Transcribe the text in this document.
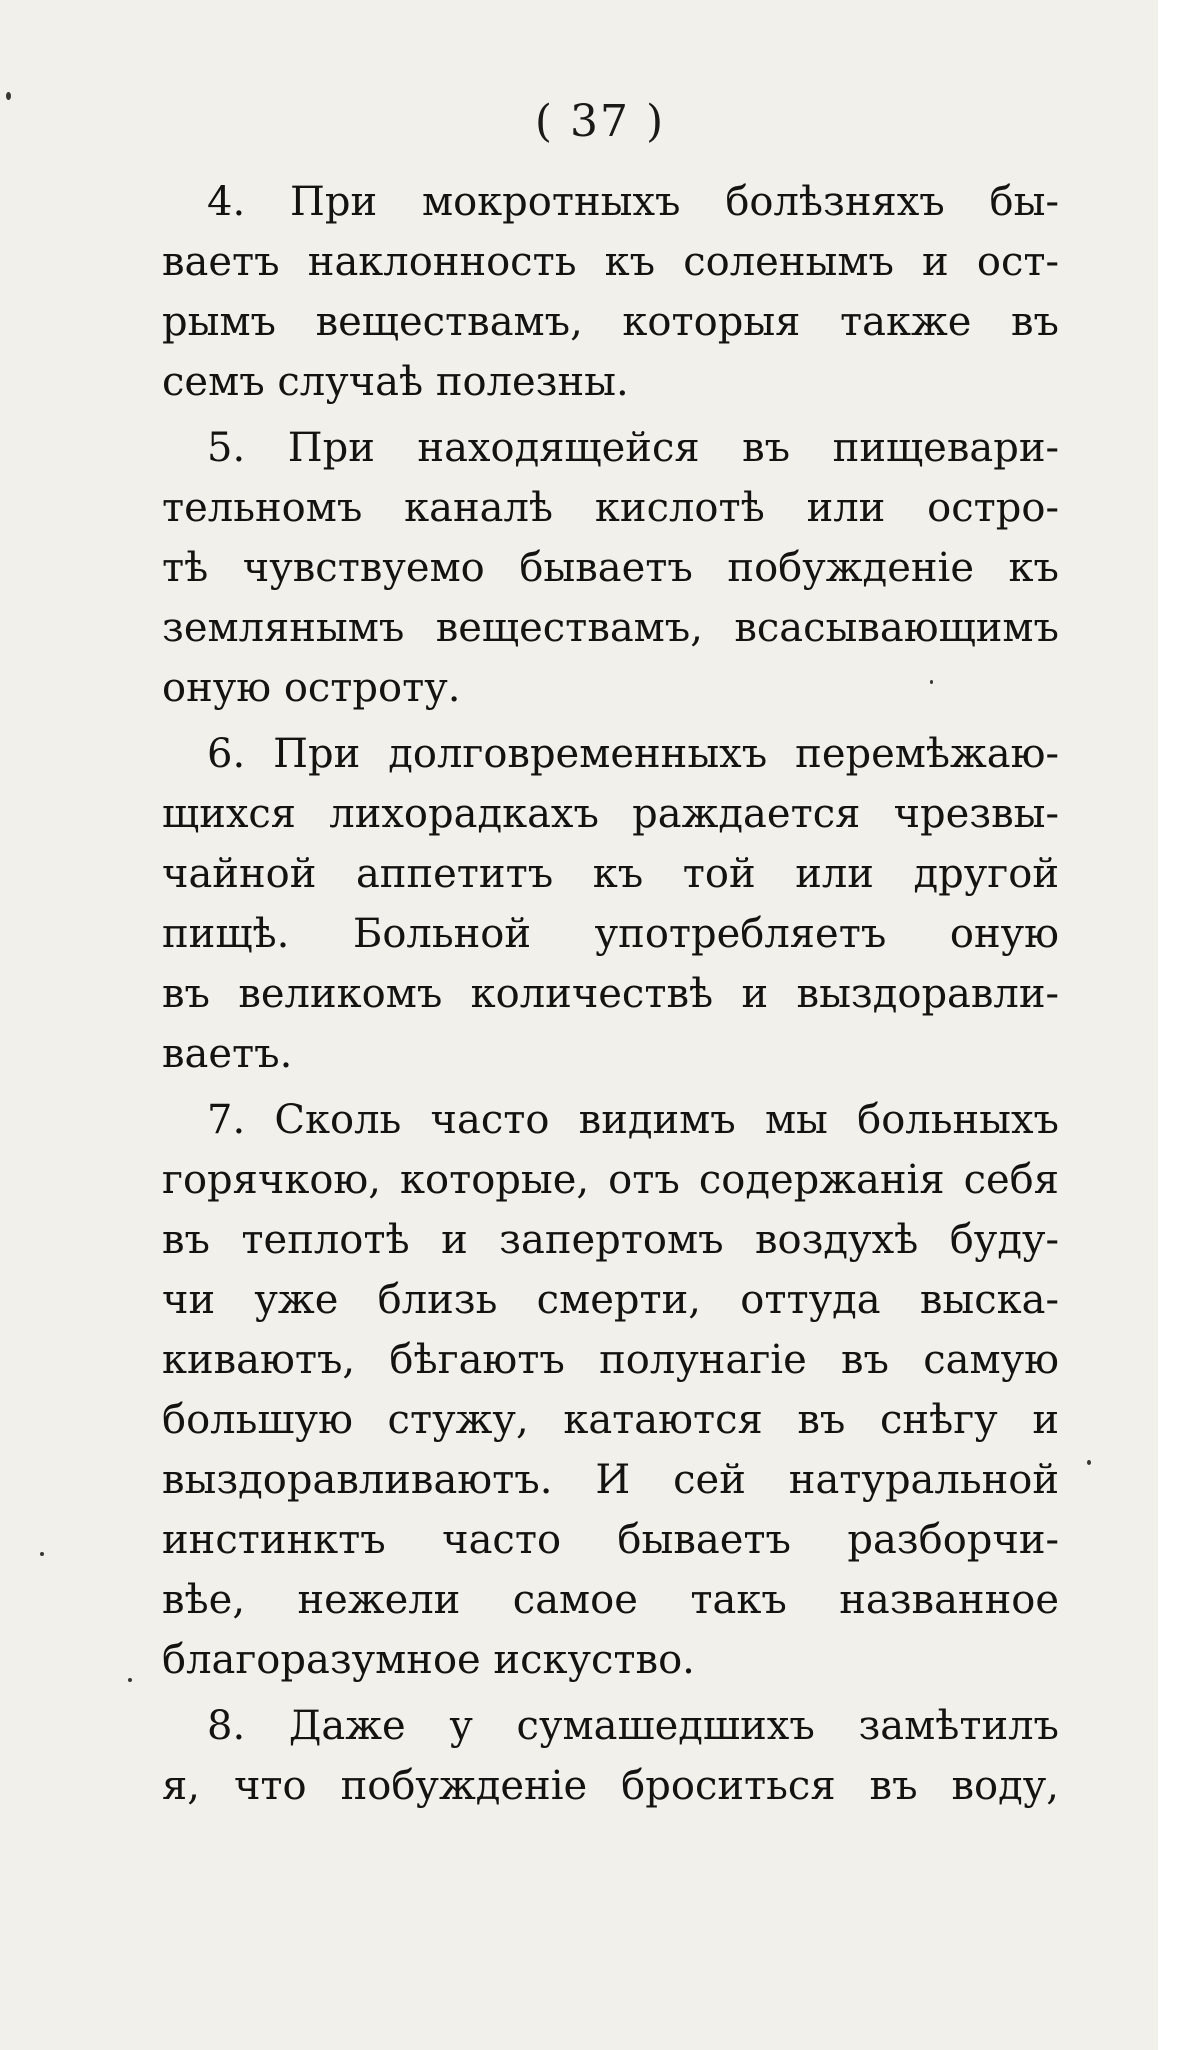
( 37 )
4. При мокротныхъ болѣзняхъ бы-
ваетъ наклонность къ соленымъ и ост-
рымъ веществамъ, которыя также въ
семъ случаѣ полезны.
5. При находящейся въ пищевари-
тельномъ каналѣ кислотѣ или остро-
тѣ чувствуемо бываетъ побужденiе къ
землянымъ веществамъ, всасывающимъ
оную остроту.
6. При долговременныхъ перемѣжаю-
щихся лихорадкахъ раждается чрезвы-
чайной аппетитъ къ той или другой
пищѣ. Больной употребляетъ оную
въ великомъ количествѣ и выздоравли-
ваетъ.
7. Сколь часто видимъ мы больныхъ
горячкою, которые, отъ содержанiя себя
въ теплотѣ и запертомъ воздухѣ буду-
чи уже близь смерти, оттуда выска-
киваютъ, бѣгаютъ полунагiе въ самую
большую стужу, катаются въ снѣгу и
выздоравливаютъ. И сей натуральной
инстинктъ часто бываетъ разборчи-
вѣе, нежели самое такъ названное
благоразумное искуство.
8. Даже у сумашедшихъ замѣтилъ
я, что побужденiе броситься въ воду,
